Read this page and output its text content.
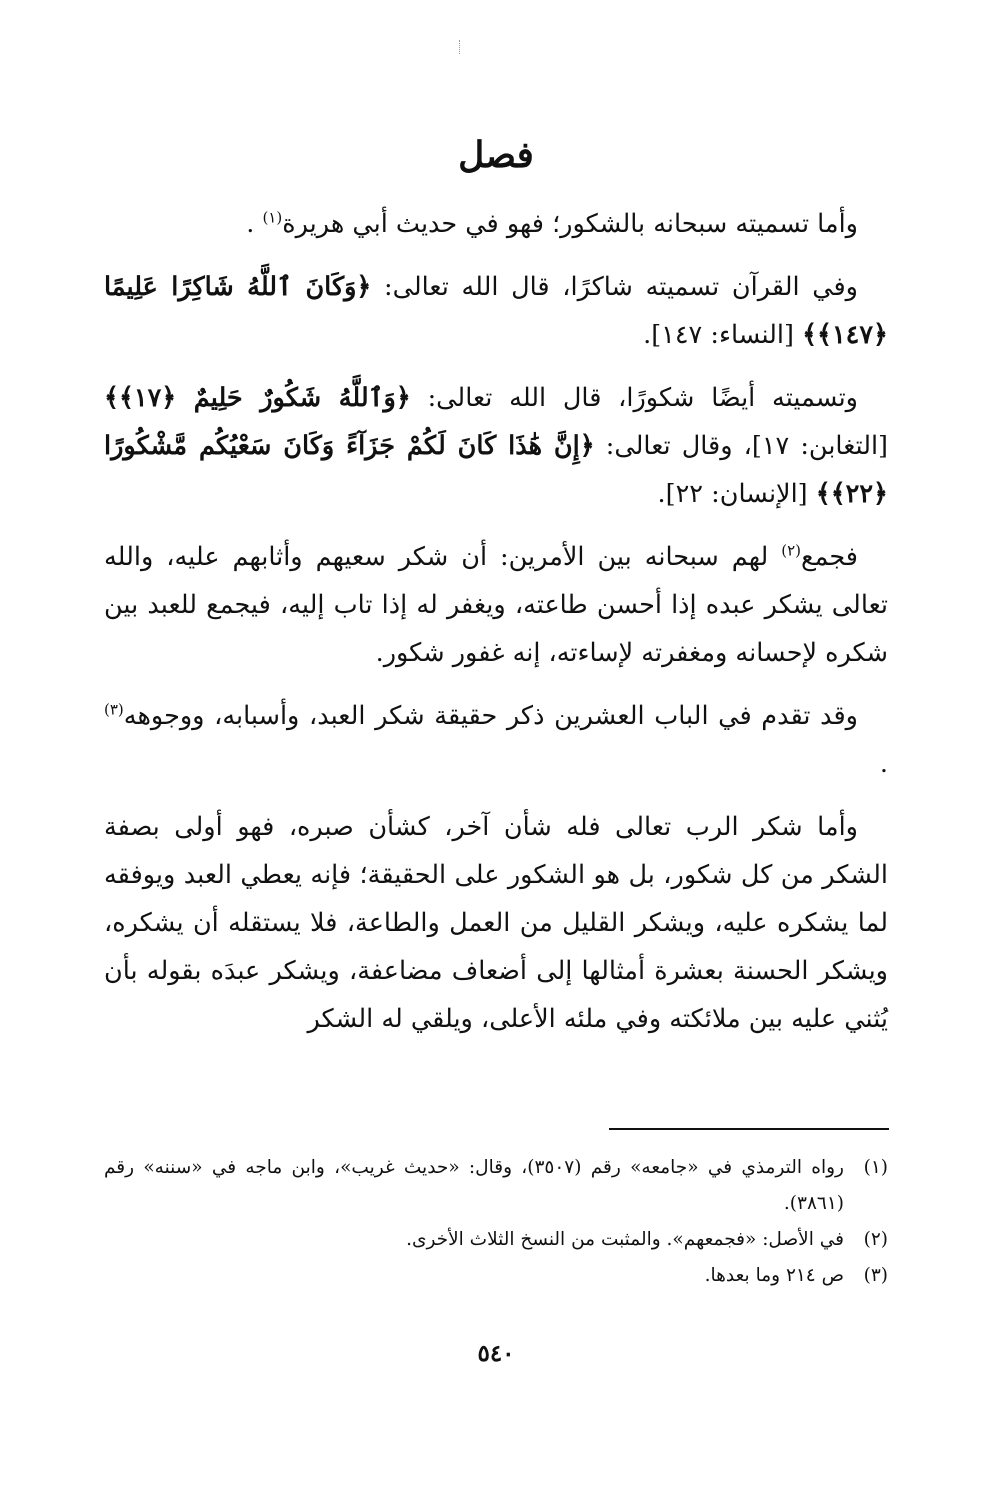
فصل

وأما تسميته سبحانه بالشكور؛ فهو في حديث أبي هريرة$^{(١)}$ .

وفي القرآن تسميته شاكرًا، قال الله تعالى: ﴿وَكَانَ ٱللَّهُ شَاكِرًا عَلِيمًا ﴿١٤٧﴾﴾ [النساء: ١٤٧].

وتسميته أيضًا شكورًا، قال الله تعالى: ﴿وَٱللَّهُ شَكُورٌ حَلِيمٌ ﴿١٧﴾﴾ [التغابن: ١٧]، وقال تعالى: ﴿إِنَّ هَٰذَا كَانَ لَكُمْ جَزَآءً وَكَانَ سَعْيُكُم مَّشْكُورًا ﴿٢٢﴾﴾ [الإنسان: ٢٢].

فجمع$^{(٢)}$ لهم سبحانه بين الأمرين: أن شكر سعيهم وأثابهم عليه، والله تعالى يشكر عبده إذا أحسن طاعته، ويغفر له إذا تاب إليه، فيجمع للعبد بين شكره لإحسانه ومغفرته لإساءته، إنه غفور شكور.

وقد تقدم في الباب العشرين ذكر حقيقة شكر العبد، وأسبابه، ووجوهه$^{(٣)}$ .

وأما شكر الرب تعالى فله شأن آخر، كشأن صبره، فهو أولى بصفة الشكر من كل شكور، بل هو الشكور على الحقيقة؛ فإنه يعطي العبد ويوفقه لما يشكره عليه، ويشكر القليل من العمل والطاعة، فلا يستقله أن يشكره، ويشكر الحسنة بعشرة أمثالها إلى أضعاف مضاعفة، ويشكر عبدَه بقوله بأن يُثني عليه بين ملائكته وفي ملئه الأعلى، ويلقي له الشكر

(١)
رواه الترمذي في «جامعه» رقم (٣٥٠٧)، وقال: «حديث غريب»، وابن ماجه في «سننه» رقم (٣٨٦١).
(٢)
في الأصل: «فجمعهم». والمثبت من النسخ الثلاث الأخرى.
(٣)
ص ٢١٤ وما بعدها.
٥٤٠
